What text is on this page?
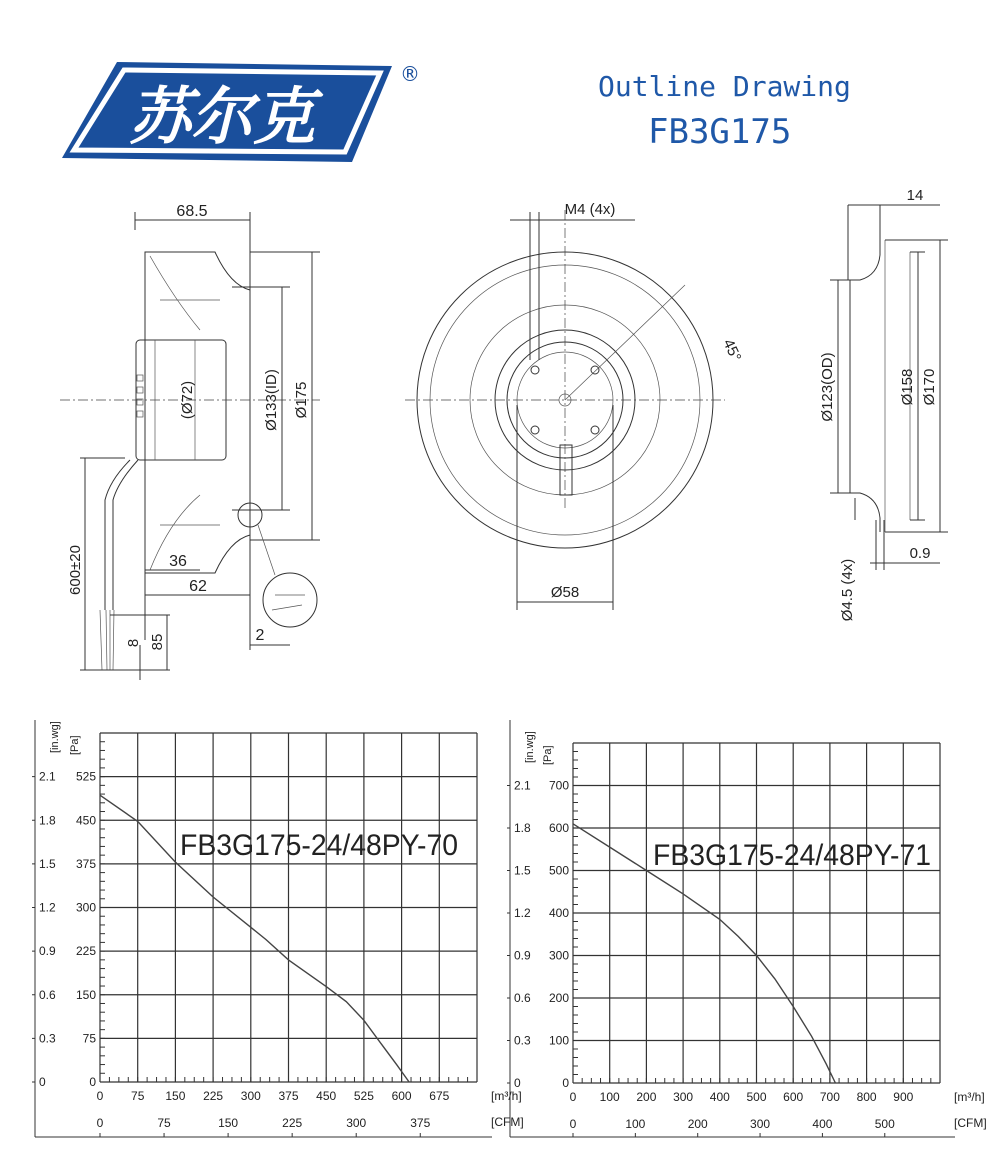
苏尔克
®	Outline Drawing
FB3G175
68.5
(Ø72)	Ø133(ID) Ø175
600±20	36
62
8 85	2
45°
M4 (4x)
Ø58
14
Ø123(OD)	Ø158 Ø170
0.9
Ø4.5 (4x)
0 75 150 225 300 375 450 525 600 675	[m³/h]
0	75	150	225	300	375	[CFM]
0
0
75
0.3
150
0.6
225
0.9
300
1.2
375
1.5
450
1.8
525
2.1
[in.wg] [Pa]
FB3G175-24/48PY-70
0 100 200 300 400 500 600 700 800 900	[m³/h]
0	100	200	300	400	500	[CFM]
0
0
100
0.3
200
0.6
300
0.9
400
1.2
500
1.5
600
1.8
700
2.1
[in.wg] [Pa]
FB3G175-24/48PY-71
